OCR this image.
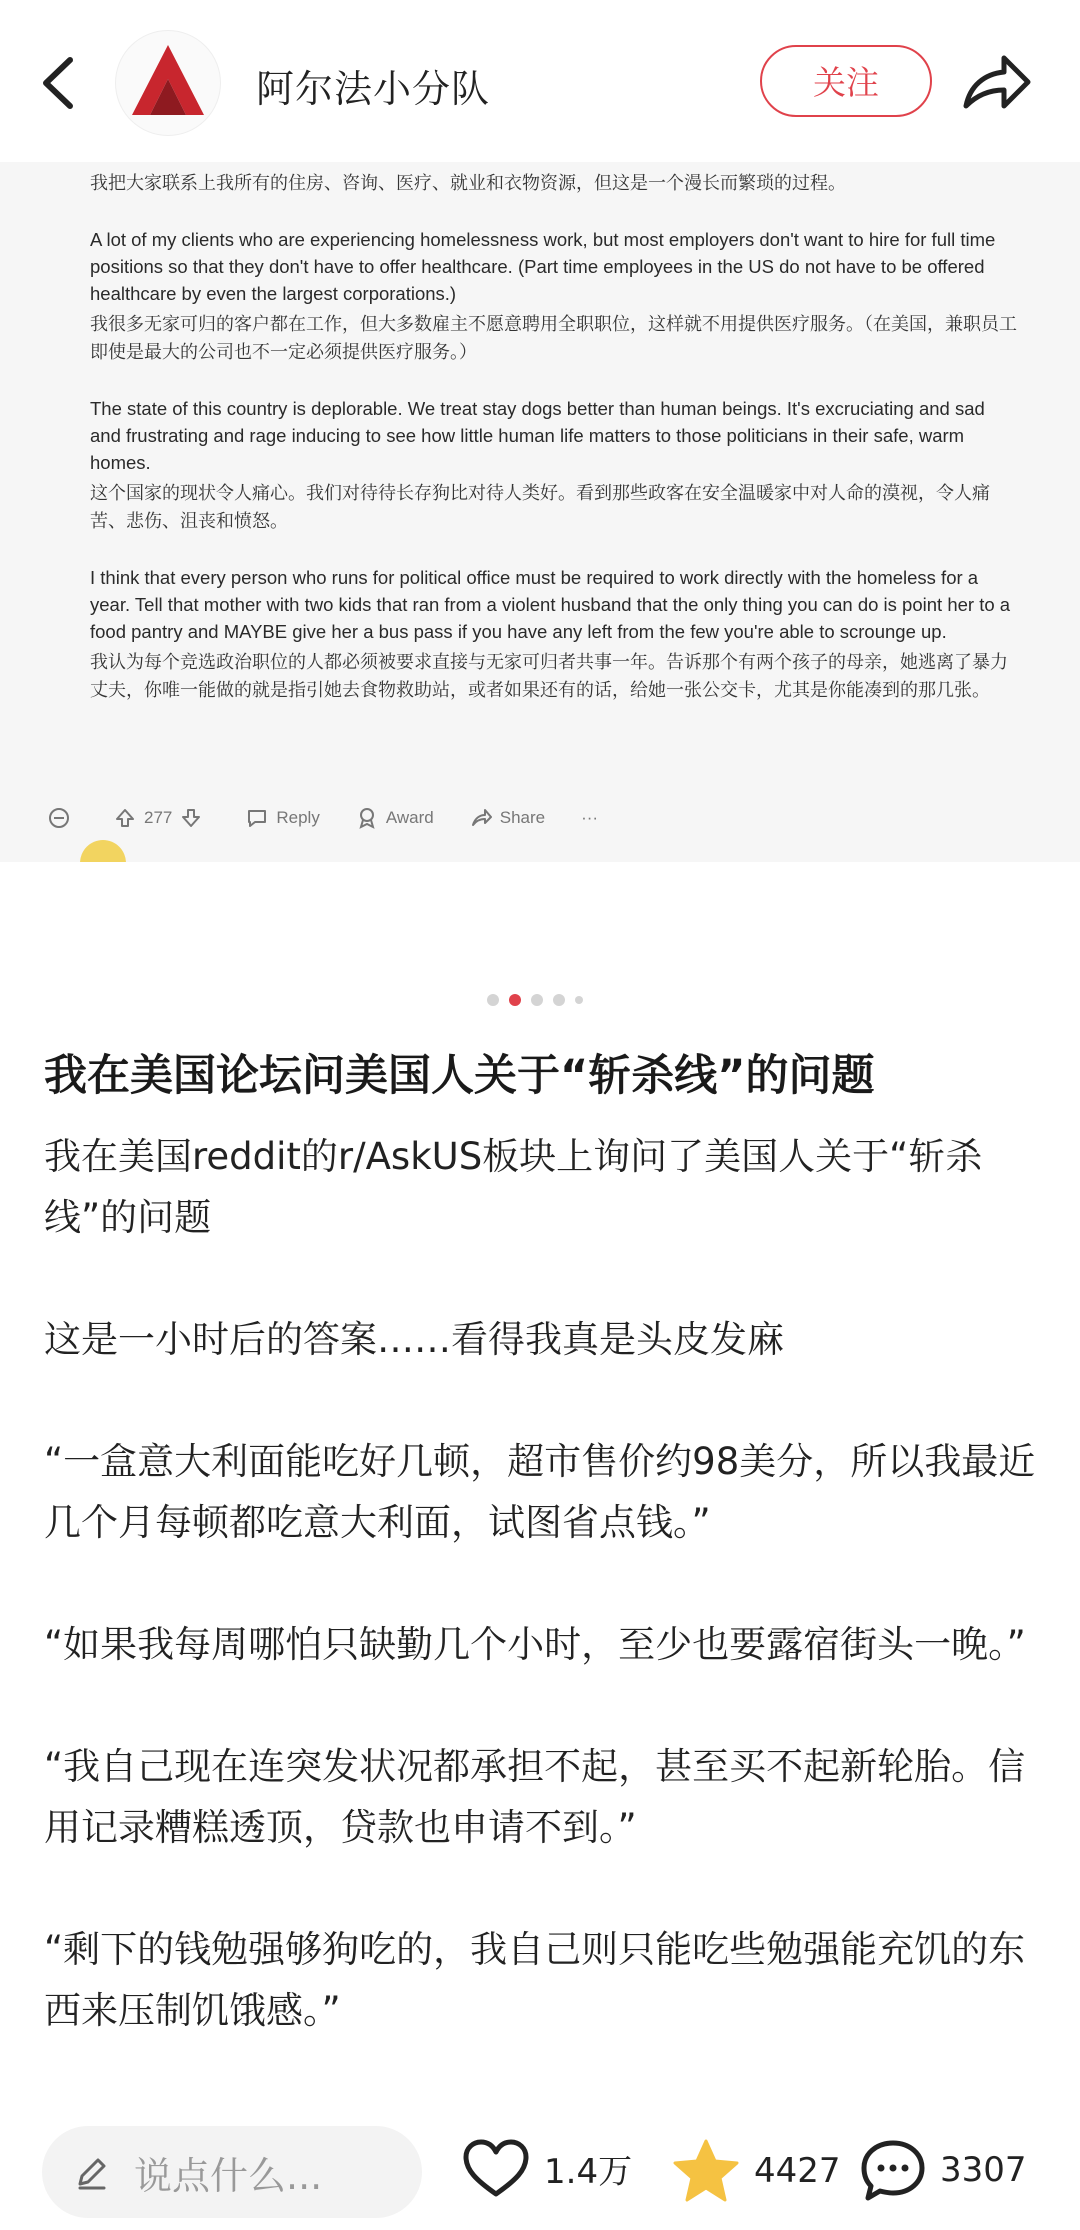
阿尔法小分队	关注

我把大家联系上我所有的住房、咨询、医疗、就业和衣物资源，但这是一个漫长而繁琐的过程。

A lot of my clients who are experiencing homelessness work, but most employers don't want to hire for full time positions so that they don't have to offer healthcare. (Part time employees in the US do not have to be offered healthcare by even the largest corporations.)

我很多无家可归的客户都在工作，但大多数雇主不愿意聘用全职职位，这样就不用提供医疗服务。（在美国，兼职员工即使是最大的公司也不一定必须提供医疗服务。）

The state of this country is deplorable. We treat stay dogs better than human beings. It's excruciating and sad and frustrating and rage inducing to see how little human life matters to those politicians in their safe, warm homes.

这个国家的现状令人痛心。我们对待待长存狗比对待人类好。看到那些政客在安全温暖家中对人命的漠视，令人痛苦、悲伤、沮丧和愤怒。

I think that every person who runs for political office must be required to work directly with the homeless for a year. Tell that mother with two kids that ran from a violent husband that the only thing you can do is point her to a food pantry and MAYBE give her a bus pass if you have any left from the few you're able to scrounge up.

我认为每个竞选政治职位的人都必须被要求直接与无家可归者共事一年。告诉那个有两个孩子的母亲，她逃离了暴力丈夫，你唯一能做的就是指引她去食物救助站，或者如果还有的话，给她一张公交卡，尤其是你能凑到的那几张。

277	Reply	Award	Share ···
我在美国论坛问美国人关于“斩杀线”的问题

我在美国reddit的r/AskUS板块上询问了美国人关于“斩杀线”的问题

这是一小时后的答案……看得我真是头皮发麻

“一盒意大利面能吃好几顿，超市售价约98美分，所以我最近几个月每顿都吃意大利面，试图省点钱。”

“如果我每周哪怕只缺勤几个小时，至少也要露宿街头一晚。”

“我自己现在连突发状况都承担不起，甚至买不起新轮胎。信用记录糟糕透顶，贷款也申请不到。”

“剩下的钱勉强够狗吃的，我自己则只能吃些勉强能充饥的东西来压制饥饿感。”

说点什么...	1.4万	4427	3307
